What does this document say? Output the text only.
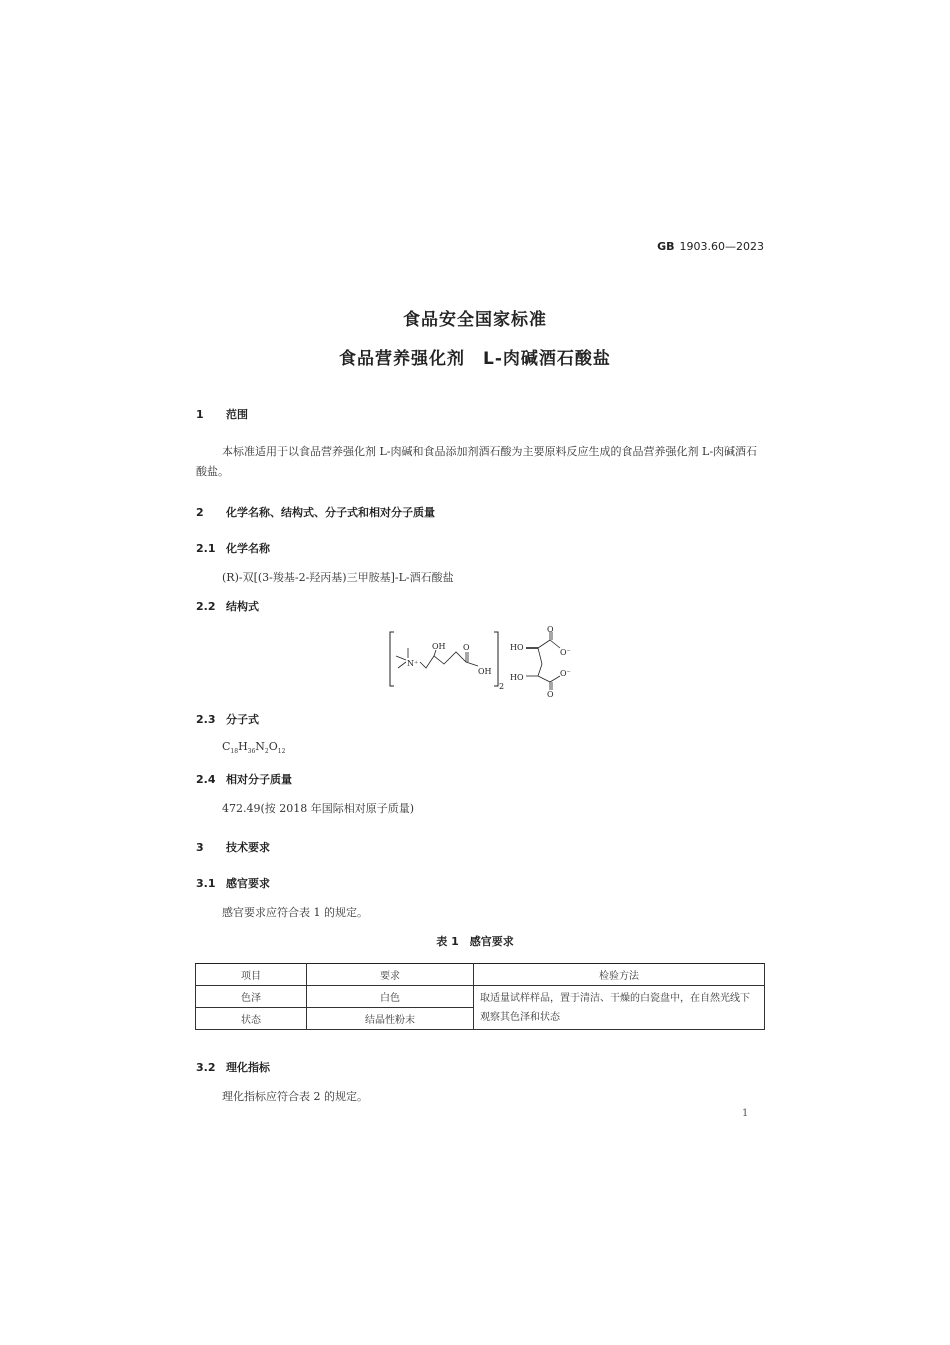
GB 1903.60—2023
食品安全国家标准
食品营养强化剂　L-肉碱酒石酸盐
1 范围
本标准适用于以食品营养强化剂 L-肉碱和食品添加剂酒石酸为主要原料反应生成的食品营养强化剂 L-肉碱酒石酸盐。
2 化学名称、结构式、分子式和相对分子质量
2.1 化学名称
(R)-双[(3-羧基-2-羟丙基)三甲胺基]-L-酒石酸盐
2.2 结构式
N⁺
OH O
OH
2
HO
HO
O
O⁻
O
O⁻
2.3 分子式
$C_{18}H_{36}N_2O_{12}$
2.4 相对分子质量
472.49(按 2018 年国际相对原子质量)
3 技术要求
3.1 感官要求
感官要求应符合表 1 的规定。
表 1　感官要求
项目	要求	检验方法
色泽	白色	取适量试样样品，置于清洁、干燥的白瓷盘中，在自然光线下观察其色泽和状态
状态	结晶性粉末	
3.2 理化指标
理化指标应符合表 2 的规定。
1
